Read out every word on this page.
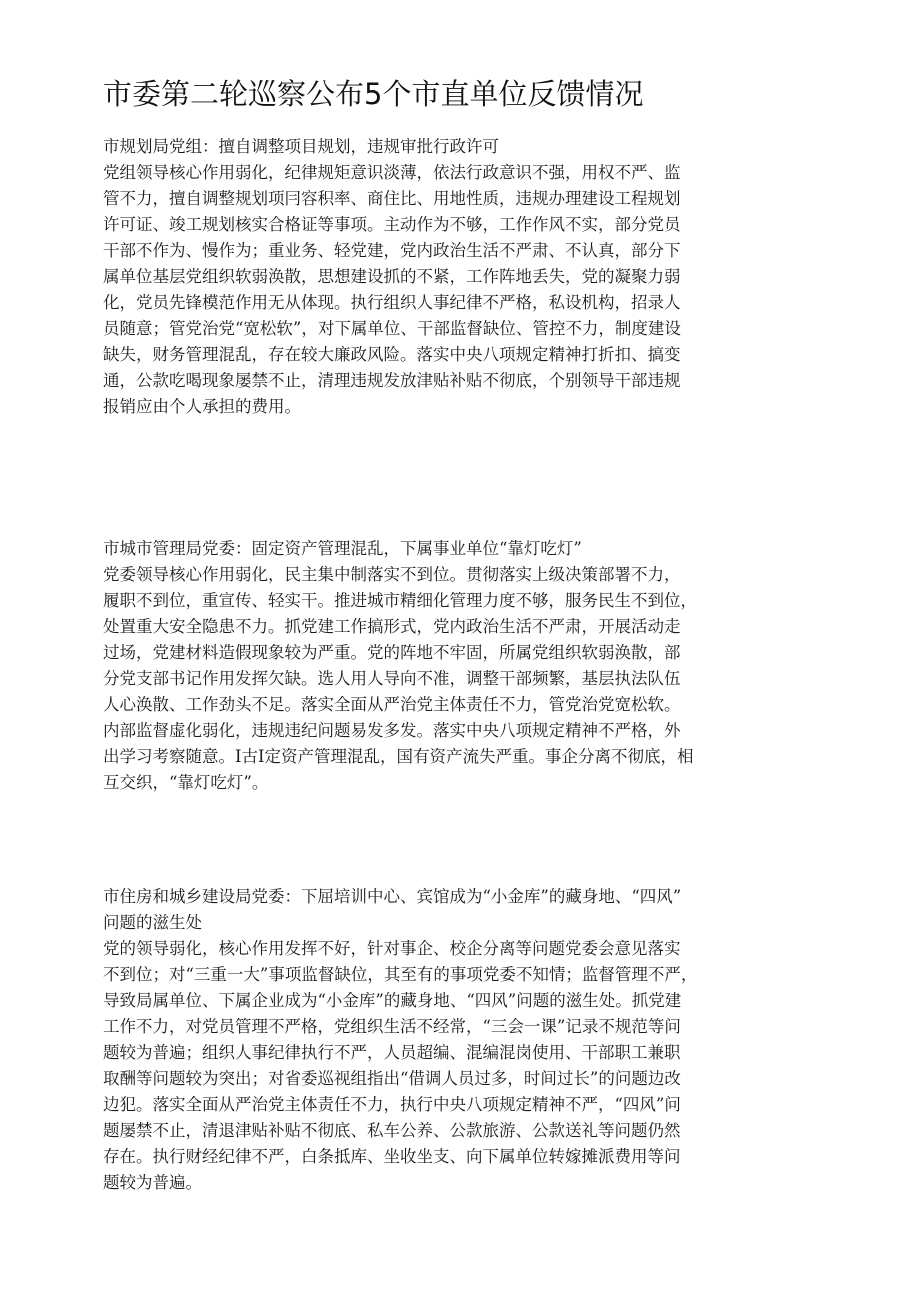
市委第二轮巡察公布5个市直单位反馈情况
市规划局党组：擅自调整项目规划，违规审批行政许可
党组领导核心作用弱化，纪律规矩意识淡薄，依法行政意识不强，用权不严、监
管不力，擅自调整规划项冃容积率、商住比、用地性质，违规办理建设工程规划
许可证、竣工规划核实合格证等事项。主动作为不够，工作作风不实，部分党员
干部不作为、慢作为；重业务、轻党建，党内政治生活不严肃、不认真，部分下
属单位基层党组织软弱涣散，思想建设抓的不紧，工作阵地丢失，党的凝聚力弱
化，党员先锋模范作用无从体现。执行组织人事纪律不严格，私设机构，招录人
员随意；管党治党“宽松软”，对下属单位、干部监督缺位、管控不力，制度建设
缺失，财务管理混乱，存在较大廉政风险。落实中央八项规定精神打折扣、搞变
通，公款吃喝现象屡禁不止，清理违规发放津贴补贴不彻底，个别领导干部违规
报销应由个人承担的费用。
市城市管理局党委：固定资产管理混乱，下属事业单位“靠灯吃灯”
党委领导核心作用弱化，民主集中制落实不到位。贯彻落实上级决策部署不力，
履职不到位，重宣传、轻实干。推进城市精细化管理力度不够，服务民生不到位，
处置重大安全隐患不力。抓党建工作搞形式，党内政治生活不严肃，开展活动走
过场，党建材料造假现象较为严重。党的阵地不牢固，所属党组织软弱涣散，部
分党支部书记作用发挥欠缺。选人用人导向不准，调整干部频繁，基层执法队伍
人心涣散、工作劲头不足。落实全面从严治党主体责任不力，管党治党宽松软。
内部监督虚化弱化，违规违纪问题易发多发。落实中央八项规定精神不严格，外
出学习考察随意。I古I定资产管理混乱，国有资产流失严重。事企分离不彻底，相
互交织，“靠灯吃灯”。
市住房和城乡建设局党委：下屈培训中心、宾馆成为“小金库”的藏身地、“四风”
问题的滋生处
党的领导弱化，核心作用发挥不好，针对事企、校企分离等问题党委会意见落实
不到位；对“三重一大”事项监督缺位，其至有的事项党委不知情；监督管理不严，
导致局属单位、下属企业成为“小金库”的藏身地、“四风”问题的滋生处。抓党建
工作不力，对党员管理不严格，党组织生活不经常，“三会一课”记录不规范等问
题较为普遍；组织人事纪律执行不严，人员超编、混编混岗使用、干部职工兼职
取酬等问题较为突出；对省委巡视组指出“借调人员过多，时间过长”的问题边改
边犯。落实全面从严治党主体责任不力，执行中央八项规定精神不严，“四风”问
题屡禁不止，清退津贴补贴不彻底、私车公养、公款旅游、公款送礼等问题仍然
存在。执行财经纪律不严，白条抵库、坐收坐支、向下属单位转嫁摊派费用等问
题较为普遍。
